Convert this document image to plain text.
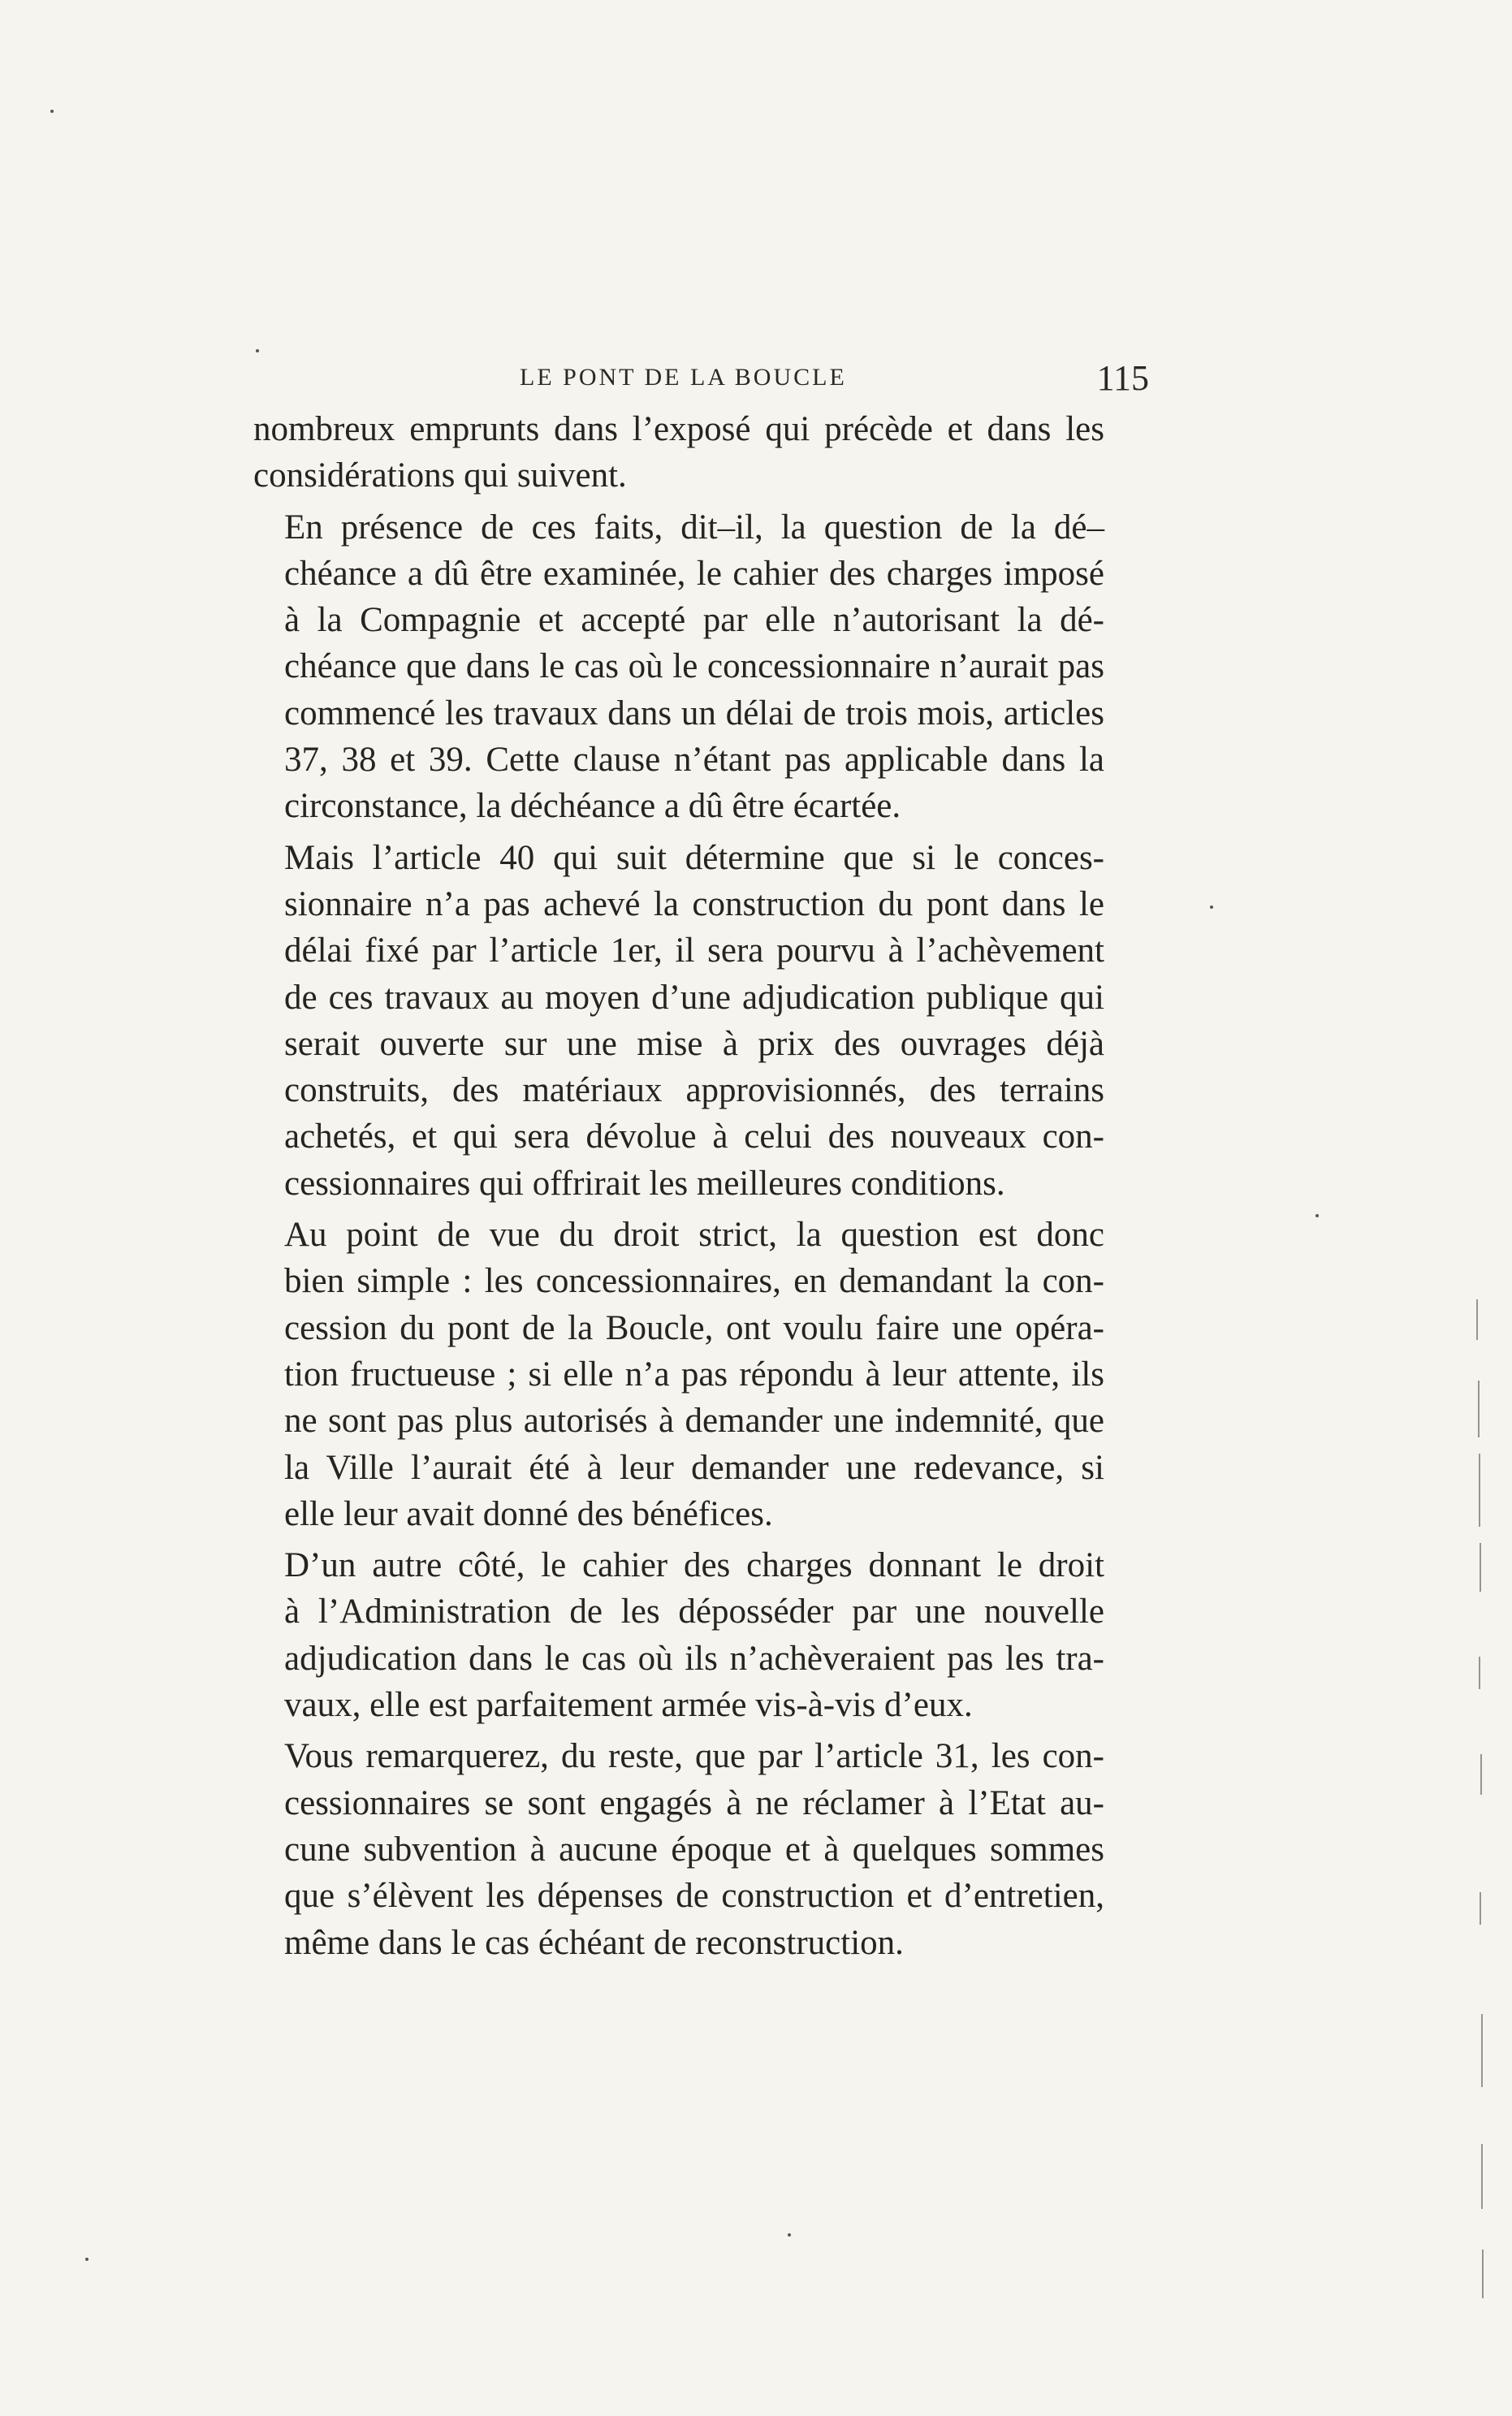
LE PONT DE LA BOUCLE	115

nombreux emprunts dans l’exposé qui précède et dans les
considérations qui suivent.

En présence de ces faits, dit–il, la question de la dé–
chéance a dû être examinée, le cahier des charges imposé
à la Compagnie et accepté par elle n’autorisant la dé-
chéance que dans le cas où le concessionnaire n’aurait pas
commencé les travaux dans un délai de trois mois, articles
37, 38 et 39. Cette clause n’étant pas applicable dans la
circonstance, la déchéance a dû être écartée.

Mais l’article 40 qui suit détermine que si le conces-
sionnaire n’a pas achevé la construction du pont dans le
délai fixé par l’article 1er, il sera pourvu à l’achèvement
de ces travaux au moyen d’une adjudication publique qui
serait ouverte sur une mise à prix des ouvrages déjà
construits, des matériaux approvisionnés, des terrains
achetés, et qui sera dévolue à celui des nouveaux con-
cessionnaires qui offrirait les meilleures conditions.

Au point de vue du droit strict, la question est donc
bien simple : les concessionnaires, en demandant la con-
cession du pont de la Boucle, ont voulu faire une opéra-
tion fructueuse ; si elle n’a pas répondu à leur attente, ils
ne sont pas plus autorisés à demander une indemnité, que
la Ville l’aurait été à leur demander une redevance, si
elle leur avait donné des bénéfices.

D’un autre côté, le cahier des charges donnant le droit
à l’Administration de les déposséder par une nouvelle
adjudication dans le cas où ils n’achèveraient pas les tra-
vaux, elle est parfaitement armée vis-à-vis d’eux.

Vous remarquerez, du reste, que par l’article 31, les con-
cessionnaires se sont engagés à ne réclamer à l’Etat au-
cune subvention à aucune époque et à quelques sommes
que s’élèvent les dépenses de construction et d’entretien,
même dans le cas échéant de reconstruction.
